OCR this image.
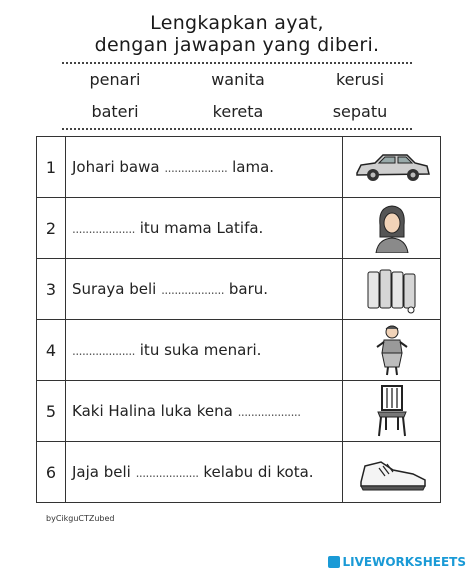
Lengkapkan ayat,
dengan jawapan yang diberi.
penari	wanita	kerusi
bateri	kereta	sepatu
1	Johari bawa ................... lama.	

2	................... itu mama Latifa.	

3	Suraya beli ................... baru.	

4	................... itu suka menari.	

5	Kaki Halina luka kena ...................	

6	Jaja beli ................... kelabu di kota.	
byCikguCTZubed
LIVEWORKSHEETS
